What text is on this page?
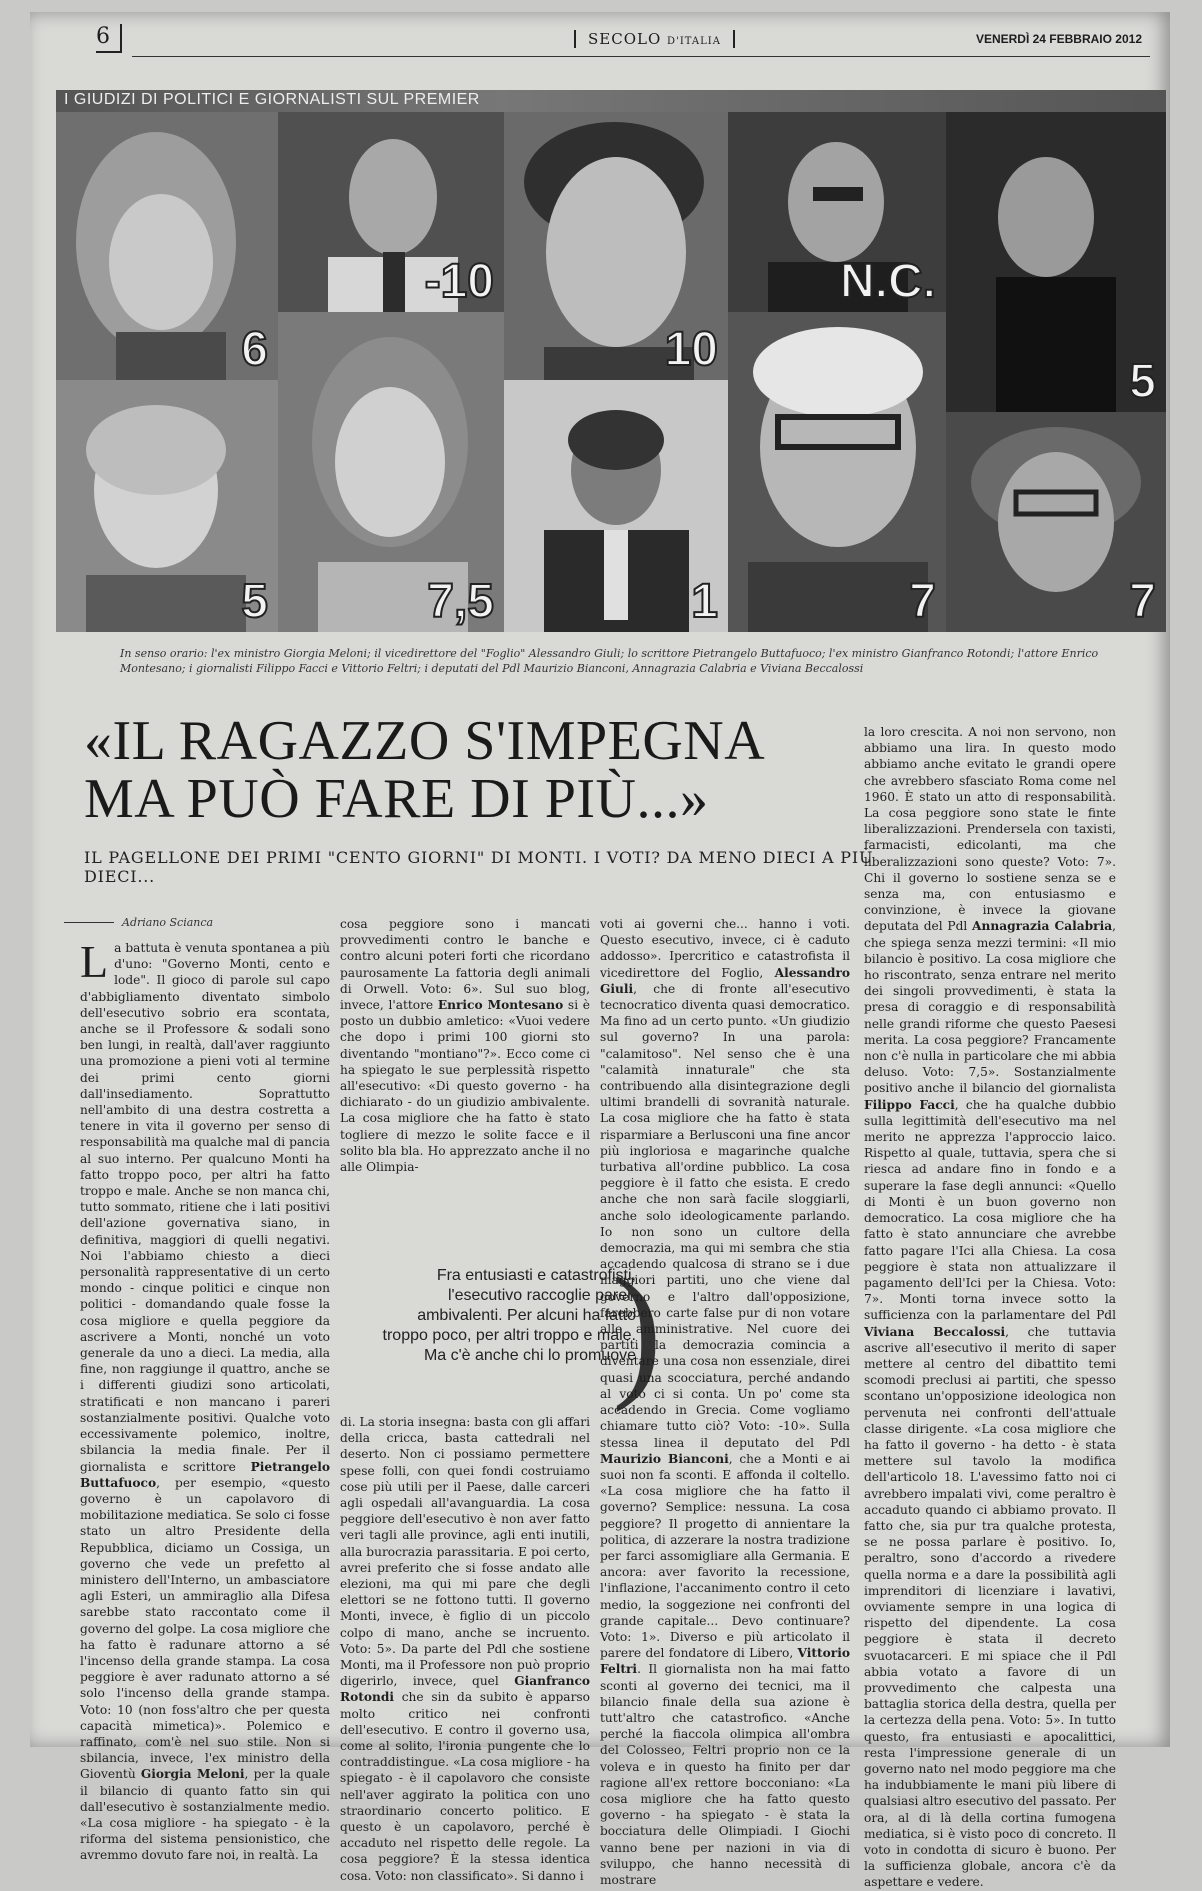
6	SECOLO D'ITALIA	VENERDÌ 24 FEBBRAIO 2012
I GIUDIZI DI POLITICI E GIORNALISTI SUL PREMIER
6
-10
10
N.C.
5
5	7,5	1	7	7
In senso orario: l'ex ministro Giorgia Meloni; il vicedirettore del "Foglio" Alessandro Giuli; lo scrittore Pietrangelo Buttafuoco; l'ex ministro Gianfranco Rotondi; l'attore Enrico Montesano; i giornalisti Filippo Facci e Vittorio Feltri; i deputati del Pdl Maurizio Bianconi, Annagrazia Calabria e Viviana Beccalossi
«IL RAGAZZO S'IMPEGNA
MA PUÒ FARE DI PIÙ...»
IL PAGELLONE DEI PRIMI "CENTO GIORNI" DI MONTI. I VOTI? DA MENO DIECI A PIÙ DIECI...
Adriano Scianca

La battuta è venuta spontanea a più d'uno: "Governo Monti, cento e lode". Il gioco di parole sul capo d'abbigliamento diventato simbolo dell'esecutivo sobrio era scontata, anche se il Professore & sodali sono ben lungi, in realtà, dall'aver raggiunto una promozione a pieni voti al termine dei primi cento giorni dall'insediamento. Soprattutto nell'ambito di una destra costretta a tenere in vita il governo per senso di responsabilità ma qualche mal di pancia al suo interno. Per qualcuno Monti ha fatto troppo poco, per altri ha fatto troppo e male. Anche se non manca chi, tutto sommato, ritiene che i lati positivi dell'azione governativa siano, in definitiva, maggiori di quelli negativi. Noi l'abbiamo chiesto a dieci personalità rappresentative di un certo mondo - cinque politici e cinque non politici - domandando quale fosse la cosa migliore e quella peggiore da ascrivere a Monti, nonché un voto generale da uno a dieci. La media, alla fine, non raggiunge il quattro, anche se i differenti giudizi sono articolati, stratificati e non mancano i pareri sostanzialmente positivi. Qualche voto eccessivamente polemico, inoltre, sbilancia la media finale. Per il giornalista e scrittore Pietrangelo Buttafuoco, per esempio, «questo governo è un capolavoro di mobilitazione mediatica. Se solo ci fosse stato un altro Presidente della Repubblica, diciamo un Cossiga, un governo che vede un prefetto al ministero dell'Interno, un ambasciatore agli Esteri, un ammiraglio alla Difesa sarebbe stato raccontato come il governo del golpe. La cosa migliore che ha fatto è radunare attorno a sé l'incenso della grande stampa. La cosa peggiore è aver radunato attorno a sé solo l'incenso della grande stampa. Voto: 10 (non foss'altro che per questa capacità mimetica)». Polemico e raffinato, com'è nel suo stile. Non si sbilancia, invece, l'ex ministro della Gioventù Giorgia Meloni, per la quale il bilancio di quanto fatto sin qui dall'esecutivo è sostanzialmente medio. «La cosa migliore - ha spiegato - è la riforma del sistema pensionistico, che avremmo dovuto fare noi, in realtà. La

cosa peggiore sono i mancati provvedimenti contro le banche e contro alcuni poteri forti che ricordano paurosamente La fattoria degli animali di Orwell. Voto: 6». Sul suo blog, invece, l'attore Enrico Montesano si è posto un dubbio amletico: «Vuoi vedere che dopo i primi 100 giorni sto diventando "montiano"?». Ecco come ci ha spiegato le sue perplessità rispetto all'esecutivo: «Di questo governo - ha dichiarato - do un giudizio ambivalente. La cosa migliore che ha fatto è stato togliere di mezzo le solite facce e il solito bla bla. Ho apprezzato anche il no alle Olimpia-

Fra entusiasti e catastrofisti, l'esecutivo raccoglie pareri ambivalenti. Per alcuni ha fatto troppo poco, per altri troppo e male. Ma c'è anche chi lo promuove
)

di. La storia insegna: basta con gli affari della cricca, basta cattedrali nel deserto. Non ci possiamo permettere spese folli, con quei fondi costruiamo cose più utili per il Paese, dalle carceri agli ospedali all'avanguardia. La cosa peggiore dell'esecutivo è non aver fatto veri tagli alle province, agli enti inutili, alla burocrazia parassitaria. E poi certo, avrei preferito che si fosse andato alle elezioni, ma qui mi pare che degli elettori se ne fottono tutti. Il governo Monti, invece, è figlio di un piccolo colpo di mano, anche se incruento. Voto: 5». Da parte del Pdl che sostiene Monti, ma il Professore non può proprio digerirlo, invece, quel Gianfranco Rotondi che sin da subito è apparso molto critico nei confronti dell'esecutivo. E contro il governo usa, come al solito, l'ironia pungente che lo contraddistingue. «La cosa migliore - ha spiegato - è il capolavoro che consiste nell'aver aggirato la politica con uno straordinario concerto politico. E questo è un capolavoro, perché è accaduto nel rispetto delle regole. La cosa peggiore? È la stessa identica cosa. Voto: non classificato». Si danno i

voti ai governi che... hanno i voti. Questo esecutivo, invece, ci è caduto addosso». Ipercritico e catastrofista il vicedirettore del Foglio, Alessandro Giuli, che di fronte all'esecutivo tecnocratico diventa quasi democratico. Ma fino ad un certo punto. «Un giudizio sul governo? In una parola: "calamitoso". Nel senso che è una "calamità innaturale" che sta contribuendo alla disintegrazione degli ultimi brandelli di sovranità naturale. La cosa migliore che ha fatto è stata risparmiare a Berlusconi una fine ancor più ingloriosa e magarinche qualche turbativa all'ordine pubblico. La cosa peggiore è il fatto che esista. E credo anche che non sarà facile sloggiarli, anche solo ideologicamente parlando. Io non sono un cultore della democrazia, ma qui mi sembra che stia accadendo qualcosa di strano se i due maggiori partiti, uno che viene dal governo e l'altro dall'opposizione, farebbero carte false pur di non votare alle amministrative. Nel cuore dei partiti la democrazia comincia a diventare una cosa non essenziale, direi quasi una scocciatura, perché andando al voto ci si conta. Un po' come sta accadendo in Grecia. Come vogliamo chiamare tutto ciò? Voto: -10». Sulla stessa linea il deputato del Pdl Maurizio Bianconi, che a Monti e ai suoi non fa sconti. E affonda il coltello. «La cosa migliore che ha fatto il governo? Semplice: nessuna. La cosa peggiore? Il progetto di annientare la politica, di azzerare la nostra tradizione per farci assomigliare alla Germania. E ancora: aver favorito la recessione, l'inflazione, l'accanimento contro il ceto medio, la soggezione nei confronti del grande capitale... Devo continuare? Voto: 1». Diverso e più articolato il parere del fondatore di Libero, Vittorio Feltri. Il giornalista non ha mai fatto sconti al governo dei tecnici, ma il bilancio finale della sua azione è tutt'altro che catastrofico. «Anche perché la fiaccola olimpica all'ombra del Colosseo, Feltri proprio non ce la voleva e in questo ha finito per dar ragione all'ex rettore bocconiano: «La cosa migliore che ha fatto questo governo - ha spiegato - è stata la bocciatura delle Olimpiadi. I Giochi vanno bene per nazioni in via di sviluppo, che hanno necessità di mostrare

la loro crescita. A noi non servono, non abbiamo una lira. In questo modo abbiamo anche evitato le grandi opere che avrebbero sfasciato Roma come nel 1960. È stato un atto di responsabilità. La cosa peggiore sono state le finte liberalizzazioni. Prendersela con taxisti, farmacisti, edicolanti, ma che liberalizzazioni sono queste? Voto: 7». Chi il governo lo sostiene senza se e senza ma, con entusiasmo e convinzione, è invece la giovane deputata del Pdl Annagrazia Calabria, che spiega senza mezzi termini: «Il mio bilancio è positivo. La cosa migliore che ho riscontrato, senza entrare nel merito dei singoli provvedimenti, è stata la presa di coraggio e di responsabilità nelle grandi riforme che questo Paesesi merita. La cosa peggiore? Francamente non c'è nulla in particolare che mi abbia deluso. Voto: 7,5». Sostanzialmente positivo anche il bilancio del giornalista Filippo Facci, che ha qualche dubbio sulla legittimità dell'esecutivo ma nel merito ne apprezza l'approccio laico. Rispetto al quale, tuttavia, spera che si riesca ad andare fino in fondo e a superare la fase degli annunci: «Quello di Monti è un buon governo non democratico. La cosa migliore che ha fatto è stato annunciare che avrebbe fatto pagare l'Ici alla Chiesa. La cosa peggiore è stata non attualizzare il pagamento dell'Ici per la Chiesa. Voto: 7». Monti torna invece sotto la sufficienza con la parlamentare del Pdl Viviana Beccalossi, che tuttavia ascrive all'esecutivo il merito di saper mettere al centro del dibattito temi scomodi preclusi ai partiti, che spesso scontano un'opposizione ideologica non pervenuta nei confronti dell'attuale classe dirigente. «La cosa migliore che ha fatto il governo - ha detto - è stata mettere sul tavolo la modifica dell'articolo 18. L'avessimo fatto noi ci avrebbero impalati vivi, come peraltro è accaduto quando ci abbiamo provato. Il fatto che, sia pur tra qualche protesta, se ne possa parlare è positivo. Io, peraltro, sono d'accordo a rivedere quella norma e a dare la possibilità agli imprenditori di licenziare i lavativi, ovviamente sempre in una logica di rispetto del dipendente. La cosa peggiore è stata il decreto svuotacarceri. E mi spiace che il Pdl abbia votato a favore di un provvedimento che calpesta una battaglia storica della destra, quella per la certezza della pena. Voto: 5». In tutto questo, fra entusiasti e apocalittici, resta l'impressione generale di un governo nato nel modo peggiore ma che ha indubbiamente le mani più libere di qualsiasi altro esecutivo del passato. Per ora, al di là della cortina fumogena mediatica, si è visto poco di concreto. Il voto in condotta di sicuro è buono. Per la sufficienza globale, ancora c'è da aspettare e vedere.
